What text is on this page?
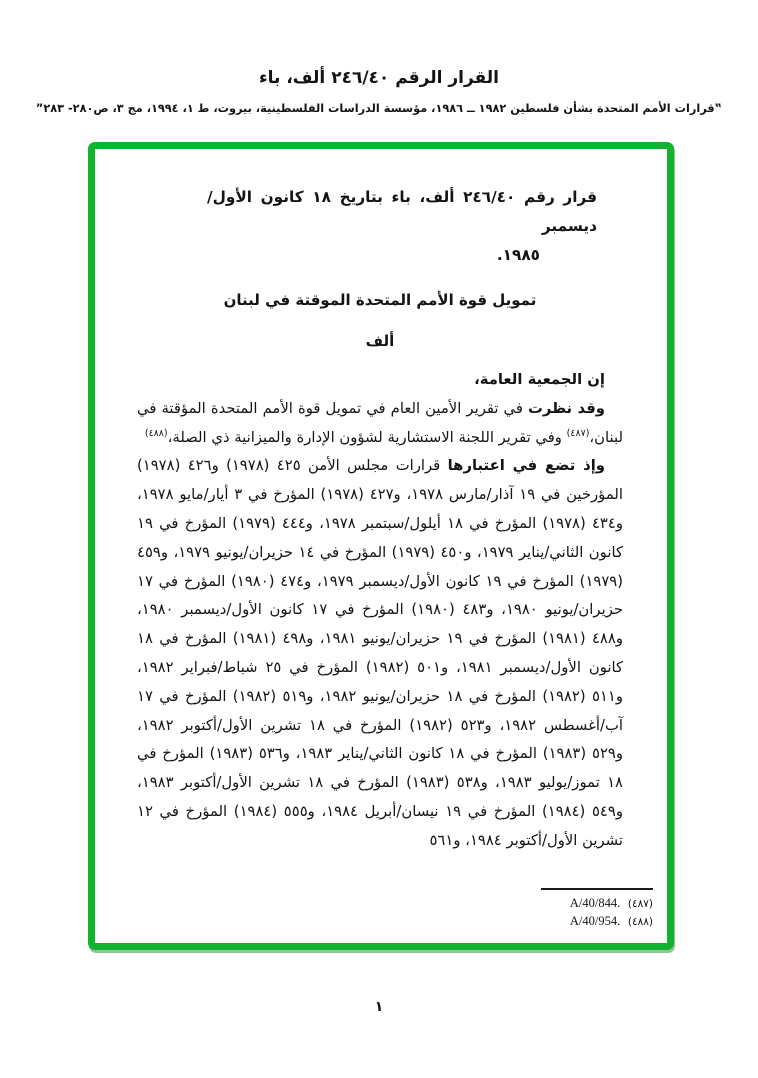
القرار الرقم ٢٤٦/٤٠ ألف، باء
‟قرارات الأمم المتحدة بشأن فلسطين ١٩٨٢ ــ ١٩٨٦، مؤسسة الدراسات الفلسطينية، بيروت، ط ١، ١٩٩٤، مج ٣، ص٢٨٠- ٢٨٣”
قرار رقم ٢٤٦/٤٠ ألف، باء بتاريخ ١٨ كانون الأول/ديسمبر
١٩٨٥.
تمويل قوة الأمم المتحدة الموقتة في لبنان
ألف

إن الجمعية العامة،

وقد نظرت في تقرير الأمين العام في تمويل قوة الأمم المتحدة المؤقتة في لبنان،$^{(٤٨٧)}$ وفي تقرير اللجنة الاستشارية لشؤون الإدارة والميزانية ذي الصلة،$^{(٤٨٨)}$

وإذ تضع في اعتبارها قرارات مجلس الأمن ٤٢٥ (١٩٧٨) و٤٢٦ (١٩٧٨) المؤرخين في ١٩ آذار/مارس ١٩٧٨، و٤٢٧ (١٩٧٨) المؤرخ في ٣ أيار/مايو ١٩٧٨، و٤٣٤ (١٩٧٨) المؤرخ في ١٨ أيلول/سبتمبر ١٩٧٨، و٤٤٤ (١٩٧٩) المؤرخ في ١٩ كانون الثاني/يناير ١٩٧٩، و٤٥٠ (١٩٧٩) المؤرخ في ١٤ حزيران/يونيو ١٩٧٩، و٤٥٩ (١٩٧٩) المؤرخ في ١٩ كانون الأول/ديسمبر ١٩٧٩، و٤٧٤ (١٩٨٠) المؤرخ في ١٧ حزيران/يونيو ١٩٨٠، و٤٨٣ (١٩٨٠) المؤرخ في ١٧ كانون الأول/ديسمبر ١٩٨٠، و٤٨٨ (١٩٨١) المؤرخ في ١٩ حزيران/يونيو ١٩٨١، و٤٩٨ (١٩٨١) المؤرخ في ١٨ كانون الأول/ديسمبر ١٩٨١، و٥٠١ (١٩٨٢) المؤرخ في ٢٥ شباط/فبراير ١٩٨٢، و٥١١ (١٩٨٢) المؤرخ في ١٨ حزيران/يونيو ١٩٨٢، و٥١٩ (١٩٨٢) المؤرخ في ١٧ آب/أغسطس ١٩٨٢، و٥٢٣ (١٩٨٢) المؤرخ في ١٨ تشرين الأول/أكتوبر ١٩٨٢، و٥٢٩ (١٩٨٣) المؤرخ في ١٨ كانون الثاني/يناير ١٩٨٣، و٥٣٦ (١٩٨٣) المؤرخ في ١٨ تموز/يوليو ١٩٨٣، و٥٣٨ (١٩٨٣) المؤرخ في ١٨ تشرين الأول/أكتوبر ١٩٨٣، و٥٤٩ (١٩٨٤) المؤرخ في ١٩ نيسان/أبريل ١٩٨٤، و٥٥٥ (١٩٨٤) المؤرخ في ١٢ تشرين الأول/أكتوبر ١٩٨٤، و٥٦١

(٤٨٧)  A/40/844.
(٤٨٨)  A/40/954.
١
